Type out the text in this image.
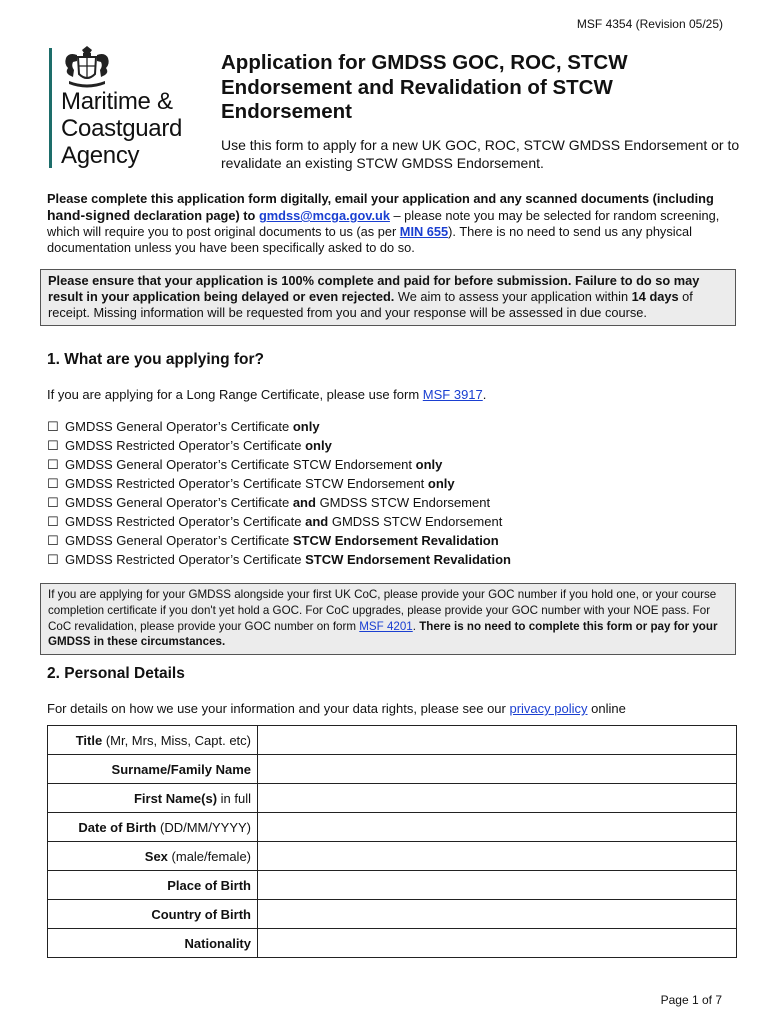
MSF 4354 (Revision 05/25)
Maritime &
Coastguard
Agency
Application for GMDSS GOC, ROC, STCW Endorsement and Revalidation of STCW Endorsement

Use this form to apply for a new UK GOC, ROC, STCW GMDSS Endorsement or to revalidate an existing STCW GMDSS Endorsement.

Please complete this application form digitally, email your application and any scanned documents (including hand-signed declaration page) to gmdss@mcga.gov.uk – please note you may be selected for random screening, which will require you to post original documents to us (as per MIN 655). There is no need to send us any physical documentation unless you have been specifically asked to do so.

Please ensure that your application is 100% complete and paid for before submission. Failure to do so may result in your application being delayed or even rejected. We aim to assess your application within 14 days of receipt. Missing information will be requested from you and your response will be assessed in due course.
1. What are you applying for?

If you are applying for a Long Range Certificate, please use form MSF 3917.

☐ GMDSS General Operator’s Certificate only
☐ GMDSS Restricted Operator’s Certificate only
☐ GMDSS General Operator’s Certificate STCW Endorsement only
☐ GMDSS Restricted Operator’s Certificate STCW Endorsement only
☐ GMDSS General Operator’s Certificate and GMDSS STCW Endorsement
☐ GMDSS Restricted Operator’s Certificate and GMDSS STCW Endorsement
☐ GMDSS General Operator’s Certificate STCW Endorsement Revalidation
☐ GMDSS Restricted Operator’s Certificate STCW Endorsement Revalidation
If you are applying for your GMDSS alongside your first UK CoC, please provide your GOC number if you hold one, or your course completion certificate if you don't yet hold a GOC. For CoC upgrades, please provide your GOC number with your NOE pass. For CoC revalidation, please provide your GOC number on form MSF 4201. There is no need to complete this form or pay for your GMDSS in these circumstances.
2. Personal Details

For details on how we use your information and your data rights, please see our privacy policy online

Title (Mr, Mrs, Miss, Capt. etc)	
Surname/Family Name	
First Name(s) in full	
Date of Birth (DD/MM/YYYY)	
Sex (male/female)	
Place of Birth	
Country of Birth	
Nationality	
Page 1 of 7
